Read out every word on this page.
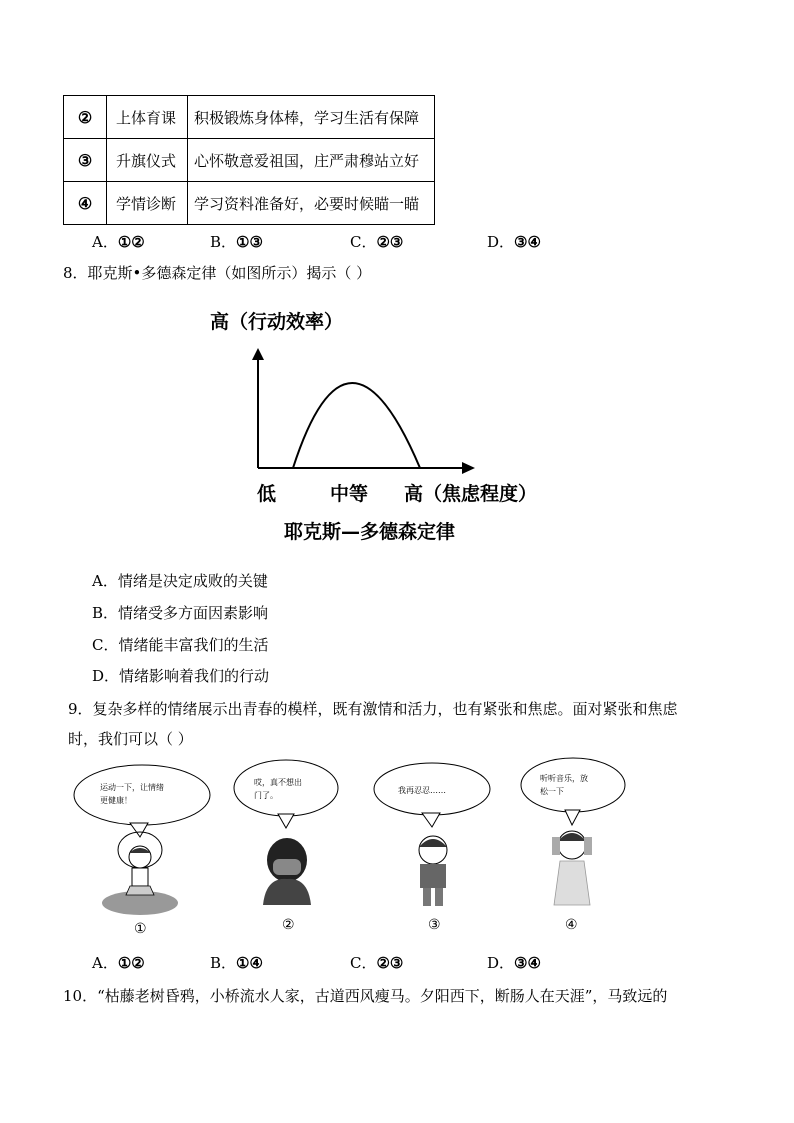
②	上体育课	积极锻炼身体棒，学习生活有保障
③	升旗仪式	心怀敬意爱祖国，庄严肃穆站立好
④	学情诊断	学习资料准备好，必要时候瞄一瞄
A．①②	B．①③	C．②③	D．③④
8．耶克斯•多德森定律（如图所示）揭示（ ）
高（行动效率）
低	中等 高（焦虑程度）
耶克斯—多德森定律
A．情绪是决定成败的关键
B．情绪受多方面因素影响
C．情绪能丰富我们的生活
D．情绪影响着我们的行动
9．复杂多样的情绪展示出青春的模样，既有激情和活力，也有紧张和焦虑。面对紧张和焦虑
时，我们可以（ ）
运动一下，让情绪
更健康！
①
哎，真不想出
门了。
②
我再忍忍……
③
听听音乐，放
松一下
④
A．①②	B．①④	C．②③	D．③④
10．“枯藤老树昏鸦，小桥流水人家，古道西风瘦马。夕阳西下，断肠人在天涯”，马致远的
